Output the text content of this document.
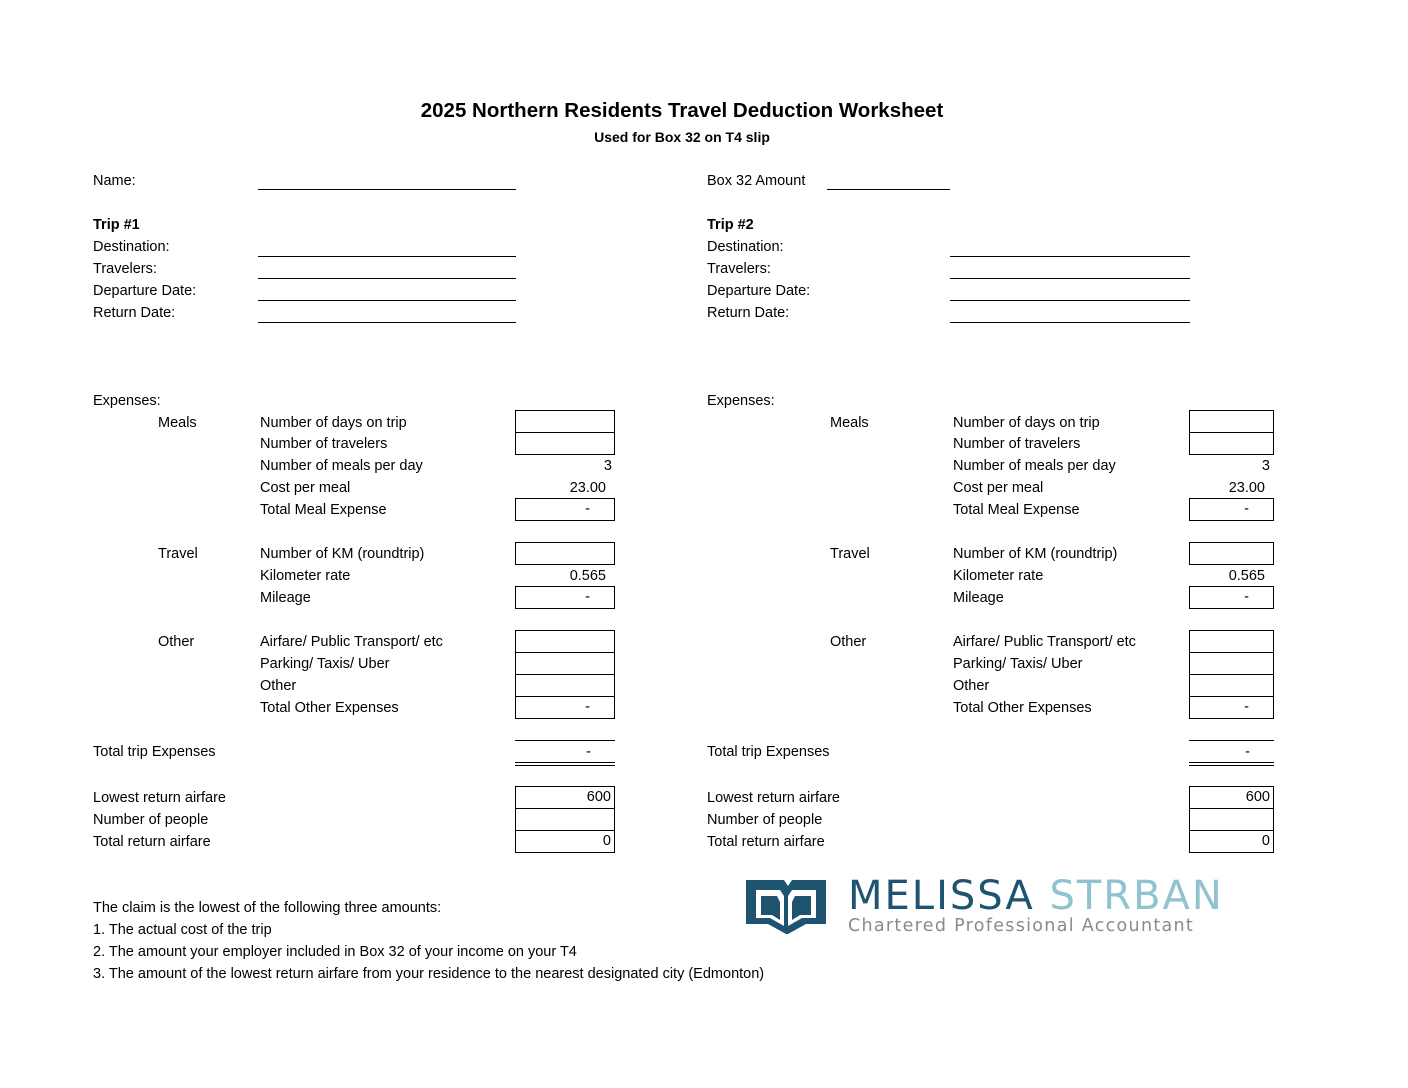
2025 Northern Residents Travel Deduction Worksheet
Used for Box 32 on T4 slip
Name:	Box 32 Amount
Trip #1
Destination:
Travelers:
Departure Date:
Return Date:
Expenses:
Meals	Number of days on trip
Number of travelers
Number of meals per day	3
Cost per meal	23.00
Total Meal Expense	-
Travel	Number of KM (roundtrip)
Kilometer rate	0.565
Mileage	-
Other	Airfare/ Public Transport/ etc
Parking/ Taxis/ Uber
Other
Total Other Expenses	-
Total trip Expenses	-
Lowest return airfare	600
Number of people
Total return airfare	0
Trip #2
Destination:
Travelers:
Departure Date:
Return Date:
Expenses:
Meals	Number of days on trip
Number of travelers
Number of meals per day	3
Cost per meal	23.00
Total Meal Expense	-
Travel	Number of KM (roundtrip)
Kilometer rate	0.565
Mileage	-
Other	Airfare/ Public Transport/ etc
Parking/ Taxis/ Uber
Other
Total Other Expenses	-
Total trip Expenses	-
Lowest return airfare	600
Number of people
Total return airfare	0
The claim is the lowest of the following three amounts:
1. The actual cost of the trip
2. The amount your employer included in Box 32 of your income on your T4
3. The amount of the lowest return airfare from your residence to the nearest designated city (Edmonton)
MELISSA STRBAN
Chartered Professional Accountant
